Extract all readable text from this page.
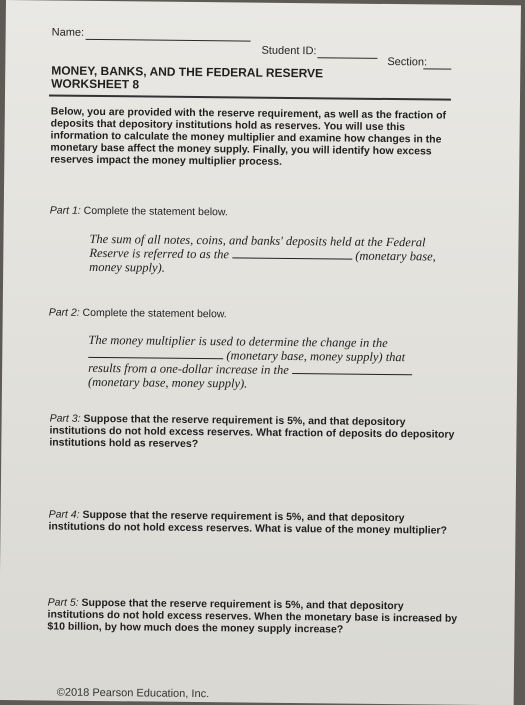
Name:
Student ID:
Section:
MONEY, BANKS, AND THE FEDERAL RESERVE
WORKSHEET 8
Below, you are provided with the reserve requirement, as well as the fraction of deposits that depository institutions hold as reserves. You will use this information to calculate the money multiplier and examine how changes in the monetary base affect the money supply. Finally, you will identify how excess reserves impact the money multiplier process.
Part 1: Complete the statement below.
The sum of all notes, coins, and banks' deposits held at the Federal Reserve is referred to as the	(monetary base, money supply).
Part 2: Complete the statement below.
The money multiplier is used to determine the change in the  (monetary base, money supply) that results from a one-dollar increase in the  (monetary base, money supply).
Part 3: Suppose that the reserve requirement is 5%, and that depository institutions do not hold excess reserves. What fraction of deposits do depository institutions hold as reserves?
Part 4: Suppose that the reserve requirement is 5%, and that depository institutions do not hold excess reserves. What is value of the money multiplier?
Part 5: Suppose that the reserve requirement is 5%, and that depository institutions do not hold excess reserves. When the monetary base is increased by $10 billion, by how much does the money supply increase?
©2018 Pearson Education, Inc.
